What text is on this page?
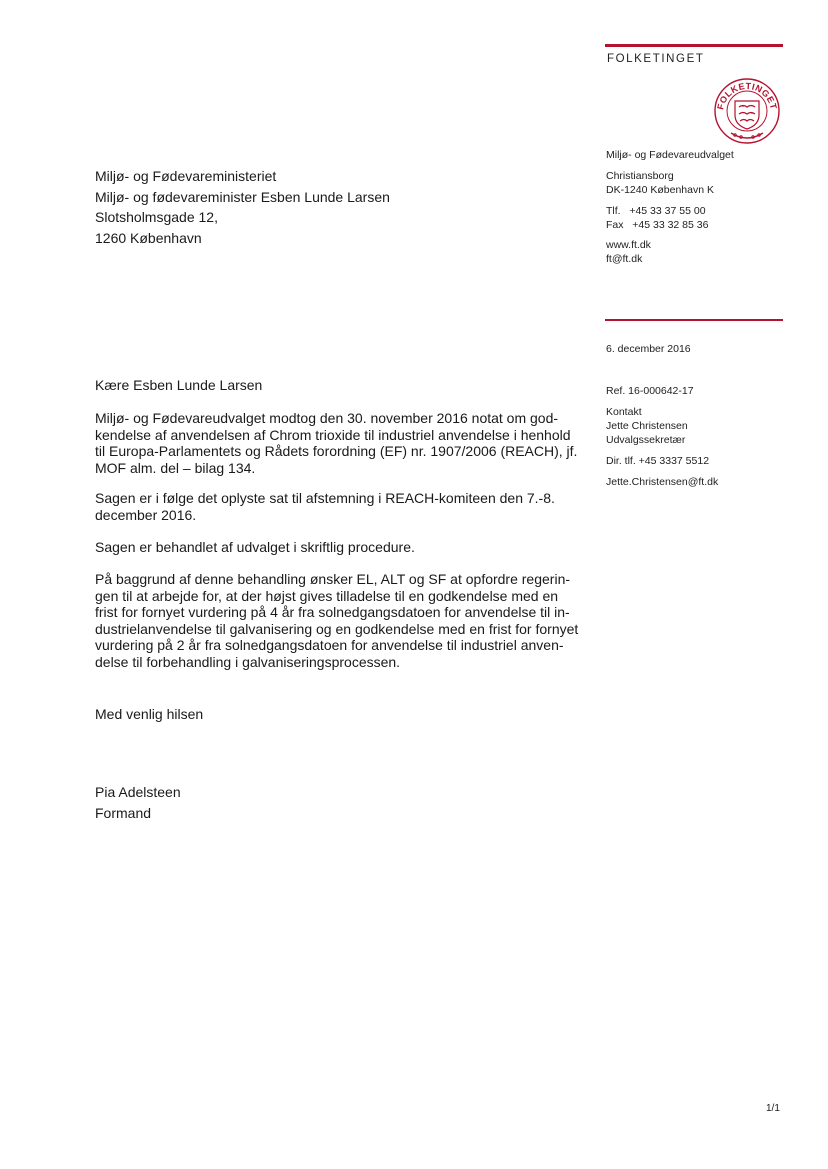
FOLKETINGET
FOLKETINGET
Miljø- og Fødevareudvalget
Christiansborg
DK-1240 København K
Tlf.   +45 33 37 55 00
Fax   +45 33 32 85 36
www.ft.dk
ft@ft.dk
6. december 2016
Ref. 16-000642-17
Kontakt
Jette Christensen
Udvalgssekretær
Dir. tlf. +45 3337 5512
Jette.Christensen@ft.dk
Miljø- og Fødevareministeriet
Miljø- og fødevareminister Esben Lunde Larsen
Slotsholmsgade 12,
1260 København
Kære Esben Lunde Larsen
Miljø- og Fødevareudvalget modtog den 30. november 2016 notat om god-
kendelse af anvendelsen af Chrom trioxide til industriel anvendelse i henhold
til Europa-Parlamentets og Rådets forordning (EF) nr. 1907/2006 (REACH), jf.
MOF alm. del – bilag 134.
Sagen er i følge det oplyste sat til afstemning i REACH-komiteen den 7.-8.
december 2016.
Sagen er behandlet af udvalget i skriftlig procedure.
På baggrund af denne behandling ønsker EL, ALT og SF at opfordre regerin-
gen til at arbejde for, at der højst gives tilladelse til en godkendelse med en
frist for fornyet vurdering på 4 år fra solnedgangsdatoen for anvendelse til in-
dustrielanvendelse til galvanisering og en godkendelse med en frist for fornyet
vurdering på 2 år fra solnedgangsdatoen for anvendelse til industriel anven-
delse til forbehandling i galvaniseringsprocessen.
Med venlig hilsen
Pia Adelsteen
Formand
1/1
